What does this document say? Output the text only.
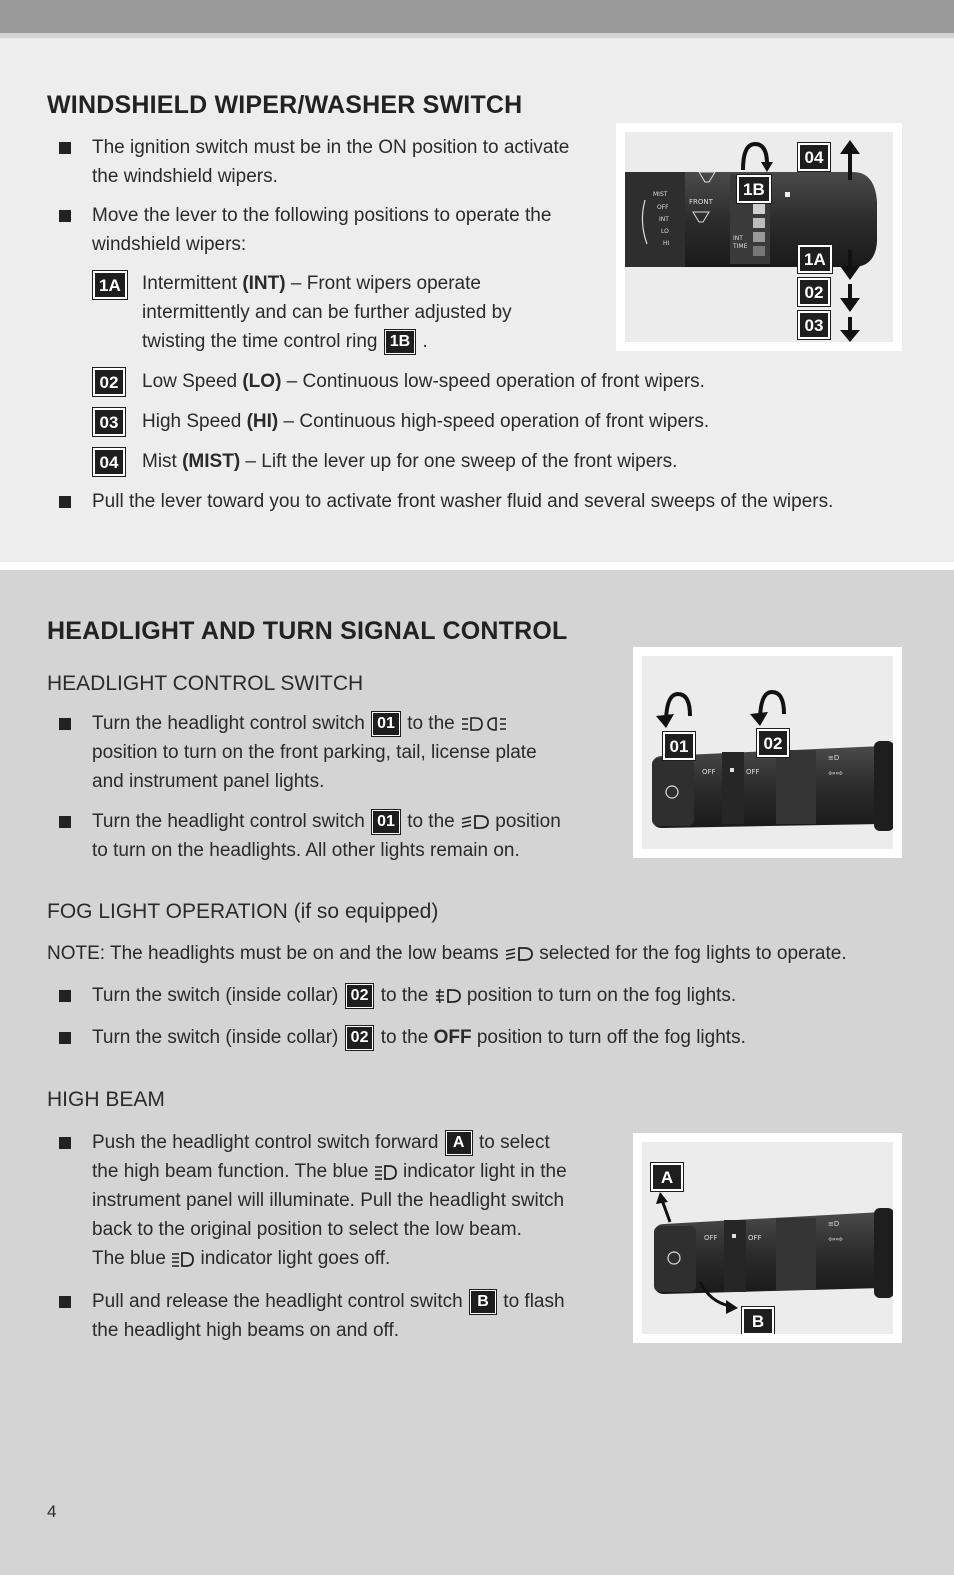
WINDSHIELD WIPER/WASHER SWITCH
The ignition switch must be in the ON position to activate
the windshield wipers.
Move the lever to the following positions to operate the
windshield wipers:
1A	Intermittent (INT) – Front wipers operate
intermittently and can be further adjusted by
twisting the time control ring 1B .
02	Low Speed (LO) – Continuous low-speed operation of front wipers.
03	High Speed (HI) – Continuous high-speed operation of front wipers.
04	Mist (MIST) – Lift the lever up for one sweep of the front wipers.
Pull the lever toward you to activate front washer fluid and several sweeps of the wipers.
MIST
OFF
INT
LO
HI
FRONT
INT
TIME
04
1B
1A
02
03
HEADLIGHT AND TURN SIGNAL CONTROL
HEADLIGHT CONTROL SWITCH
Turn the headlight control switch 01 to the
position to turn on the front parking, tail, license plate
and instrument panel lights.
Turn the headlight control switch 01 to the position
to turn on the headlights. All other lights remain on.
OFF	OFF
≡D
⇦⇨
01	02
FOG LIGHT OPERATION (if so equipped)
NOTE: The headlights must be on and the low beams selected for the fog lights to operate.
Turn the switch (inside collar) 02 to the position to turn on the fog lights.
Turn the switch (inside collar) 02 to the OFF position to turn off the fog lights.
HIGH BEAM
Push the headlight control switch forward A to select
the high beam function. The blue indicator light in the
instrument panel will illuminate. Pull the headlight switch
back to the original position to select the low beam.
The blue indicator light goes off.
Pull and release the headlight control switch B to flash
the headlight high beams on and off.
OFF	OFF
≡D
⇦⇨
A
B
4
